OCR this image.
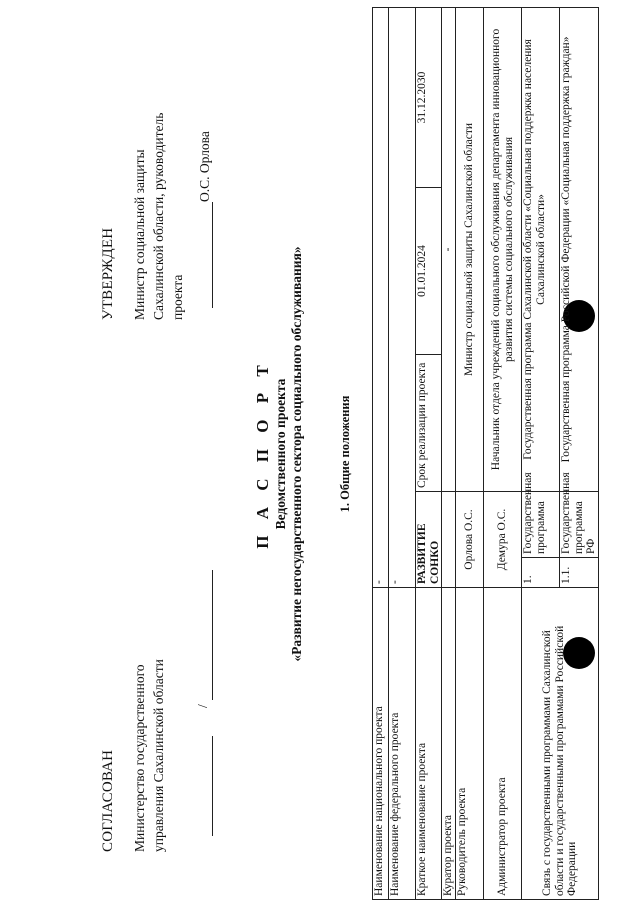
СОГЛАСОВАН Министерство государственного управления Сахалинской области /
УТВЕРЖДЕН Министр социальной защиты Сахалинской области, руководитель проекта
О.С. Орлова
П А С П О Р Т Ведомственного проекта «Развитие негосударственного сектора социального обслуживания»	1. Общие положения
Наименование национального проекта	-				
Наименование федерального проекта	-				
Краткое наименование проекта	РАЗВИТИЕ СОНКО		Срок реализации проекта	01.01.2024	31.12.2030
Куратор проекта			-		
Руководитель проекта	Орлова О.С.		Министр социальной защиты Сахалинской области		
Администратор проекта	Демура О.С.		Начальник отдела учреждений социального обслуживания департамента инновационного развития системы социального обслуживания		
Связь с государственными программами Сахалинской области и государственными программами Российской Федерации	1.	Государственная программа	Государственная программа Сахалинской области «Социальная поддержка населения Сахалинской области»		
	1.1.	Государственная программа РФ	Государственная программа Российской Федерации «Социальная поддержка граждан»		
